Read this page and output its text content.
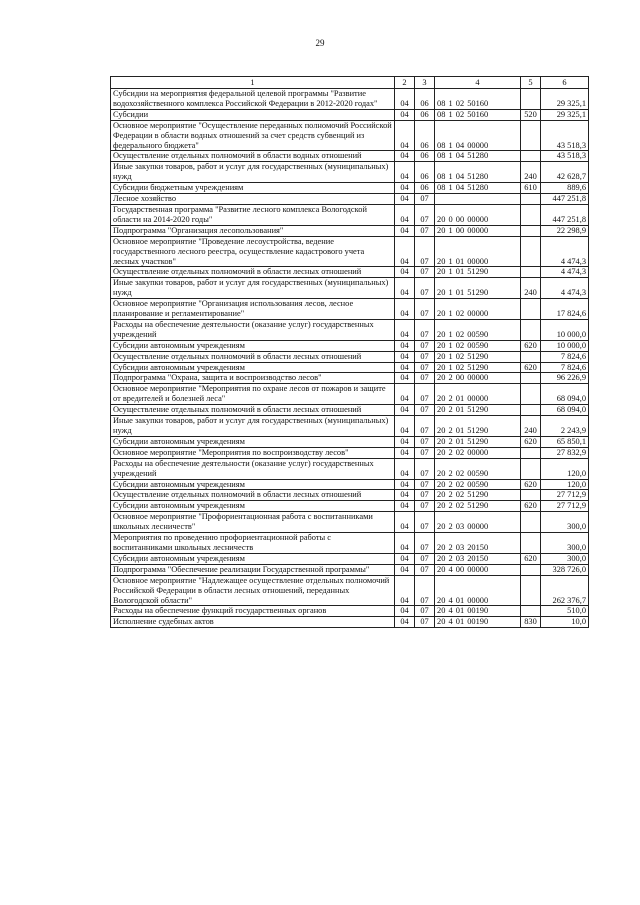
29
1	2	3	4	5	6
Субсидии на мероприятия федеральной целевой программы "Развитие водохозяйственного комплекса Российской Федерации в 2012-2020 годах"	04	06	08 1 02 50160		29 325,1
Субсидии	04	06	08 1 02 50160	520	29 325,1
Основное мероприятие "Осуществление переданных полномочий Российской Федерации в области водных отношений за счет средств субвенций из федерального бюджета"	04	06	08 1 04 00000		43 518,3
Осуществление отдельных полномочий в области водных отношений	04	06	08 1 04 51280		43 518,3
Иные закупки товаров, работ и услуг для государственных (муниципальных) нужд	04	06	08 1 04 51280	240	42 628,7
Субсидии бюджетным учреждениям	04	06	08 1 04 51280	610	889,6
Лесное хозяйство	04	07			447 251,8
Государственная программа "Развитие лесного комплекса Вологодской области на 2014-2020 годы"	04	07	20 0 00 00000		447 251,8
Подпрограмма "Организация лесопользования"	04	07	20 1 00 00000		22 298,9
Основное мероприятие "Проведение лесоустройства, ведение государственного лесного реестра, осуществление кадастрового учета лесных участков"	04	07	20 1 01 00000		4 474,3
Осуществление отдельных полномочий в области лесных отношений	04	07	20 1 01 51290		4 474,3
Иные закупки товаров, работ и услуг для государственных (муниципальных) нужд	04	07	20 1 01 51290	240	4 474,3
Основное мероприятие "Организация использования лесов, лесное планирование и регламентирование"	04	07	20 1 02 00000		17 824,6
Расходы на обеспечение деятельности (оказание услуг) государственных учреждений	04	07	20 1 02 00590		10 000,0
Субсидии автономным учреждениям	04	07	20 1 02 00590	620	10 000,0
Осуществление отдельных полномочий в области лесных отношений	04	07	20 1 02 51290		7 824,6
Субсидии автономным учреждениям	04	07	20 1 02 51290	620	7 824,6
Подпрограмма "Охрана, защита и воспроизводство лесов"	04	07	20 2 00 00000		96 226,9
Основное мероприятие "Мероприятия по охране лесов от пожаров и защите от вредителей и болезней леса"	04	07	20 2 01 00000		68 094,0
Осуществление отдельных полномочий в области лесных отношений	04	07	20 2 01 51290		68 094,0
Иные закупки товаров, работ и услуг для государственных (муниципальных) нужд	04	07	20 2 01 51290	240	2 243,9
Субсидии автономным учреждениям	04	07	20 2 01 51290	620	65 850,1
Основное мероприятие "Мероприятия по воспроизводству лесов"	04	07	20 2 02 00000		27 832,9
Расходы на обеспечение деятельности (оказание услуг) государственных учреждений	04	07	20 2 02 00590		120,0
Субсидии автономным учреждениям	04	07	20 2 02 00590	620	120,0
Осуществление отдельных полномочий в области лесных отношений	04	07	20 2 02 51290		27 712,9
Субсидии автономным учреждениям	04	07	20 2 02 51290	620	27 712,9
Основное мероприятие "Профориентационная работа с воспитанниками школьных лесничеств"	04	07	20 2 03 00000		300,0
Мероприятия по проведению профориентационной работы с воспитанниками школьных лесничеств	04	07	20 2 03 20150		300,0
Субсидии автономным учреждениям	04	07	20 2 03 20150	620	300,0
Подпрограмма "Обеспечение реализации Государственной программы"	04	07	20 4 00 00000		328 726,0
Основное мероприятие "Надлежащее осуществление отдельных полномочий Российской Федерации в области лесных отношений, переданных Вологодской области"	04	07	20 4 01 00000		262 376,7
Расходы на обеспечение функций государственных органов	04	07	20 4 01 00190		510,0
Исполнение судебных актов	04	07	20 4 01 00190	830	10,0
